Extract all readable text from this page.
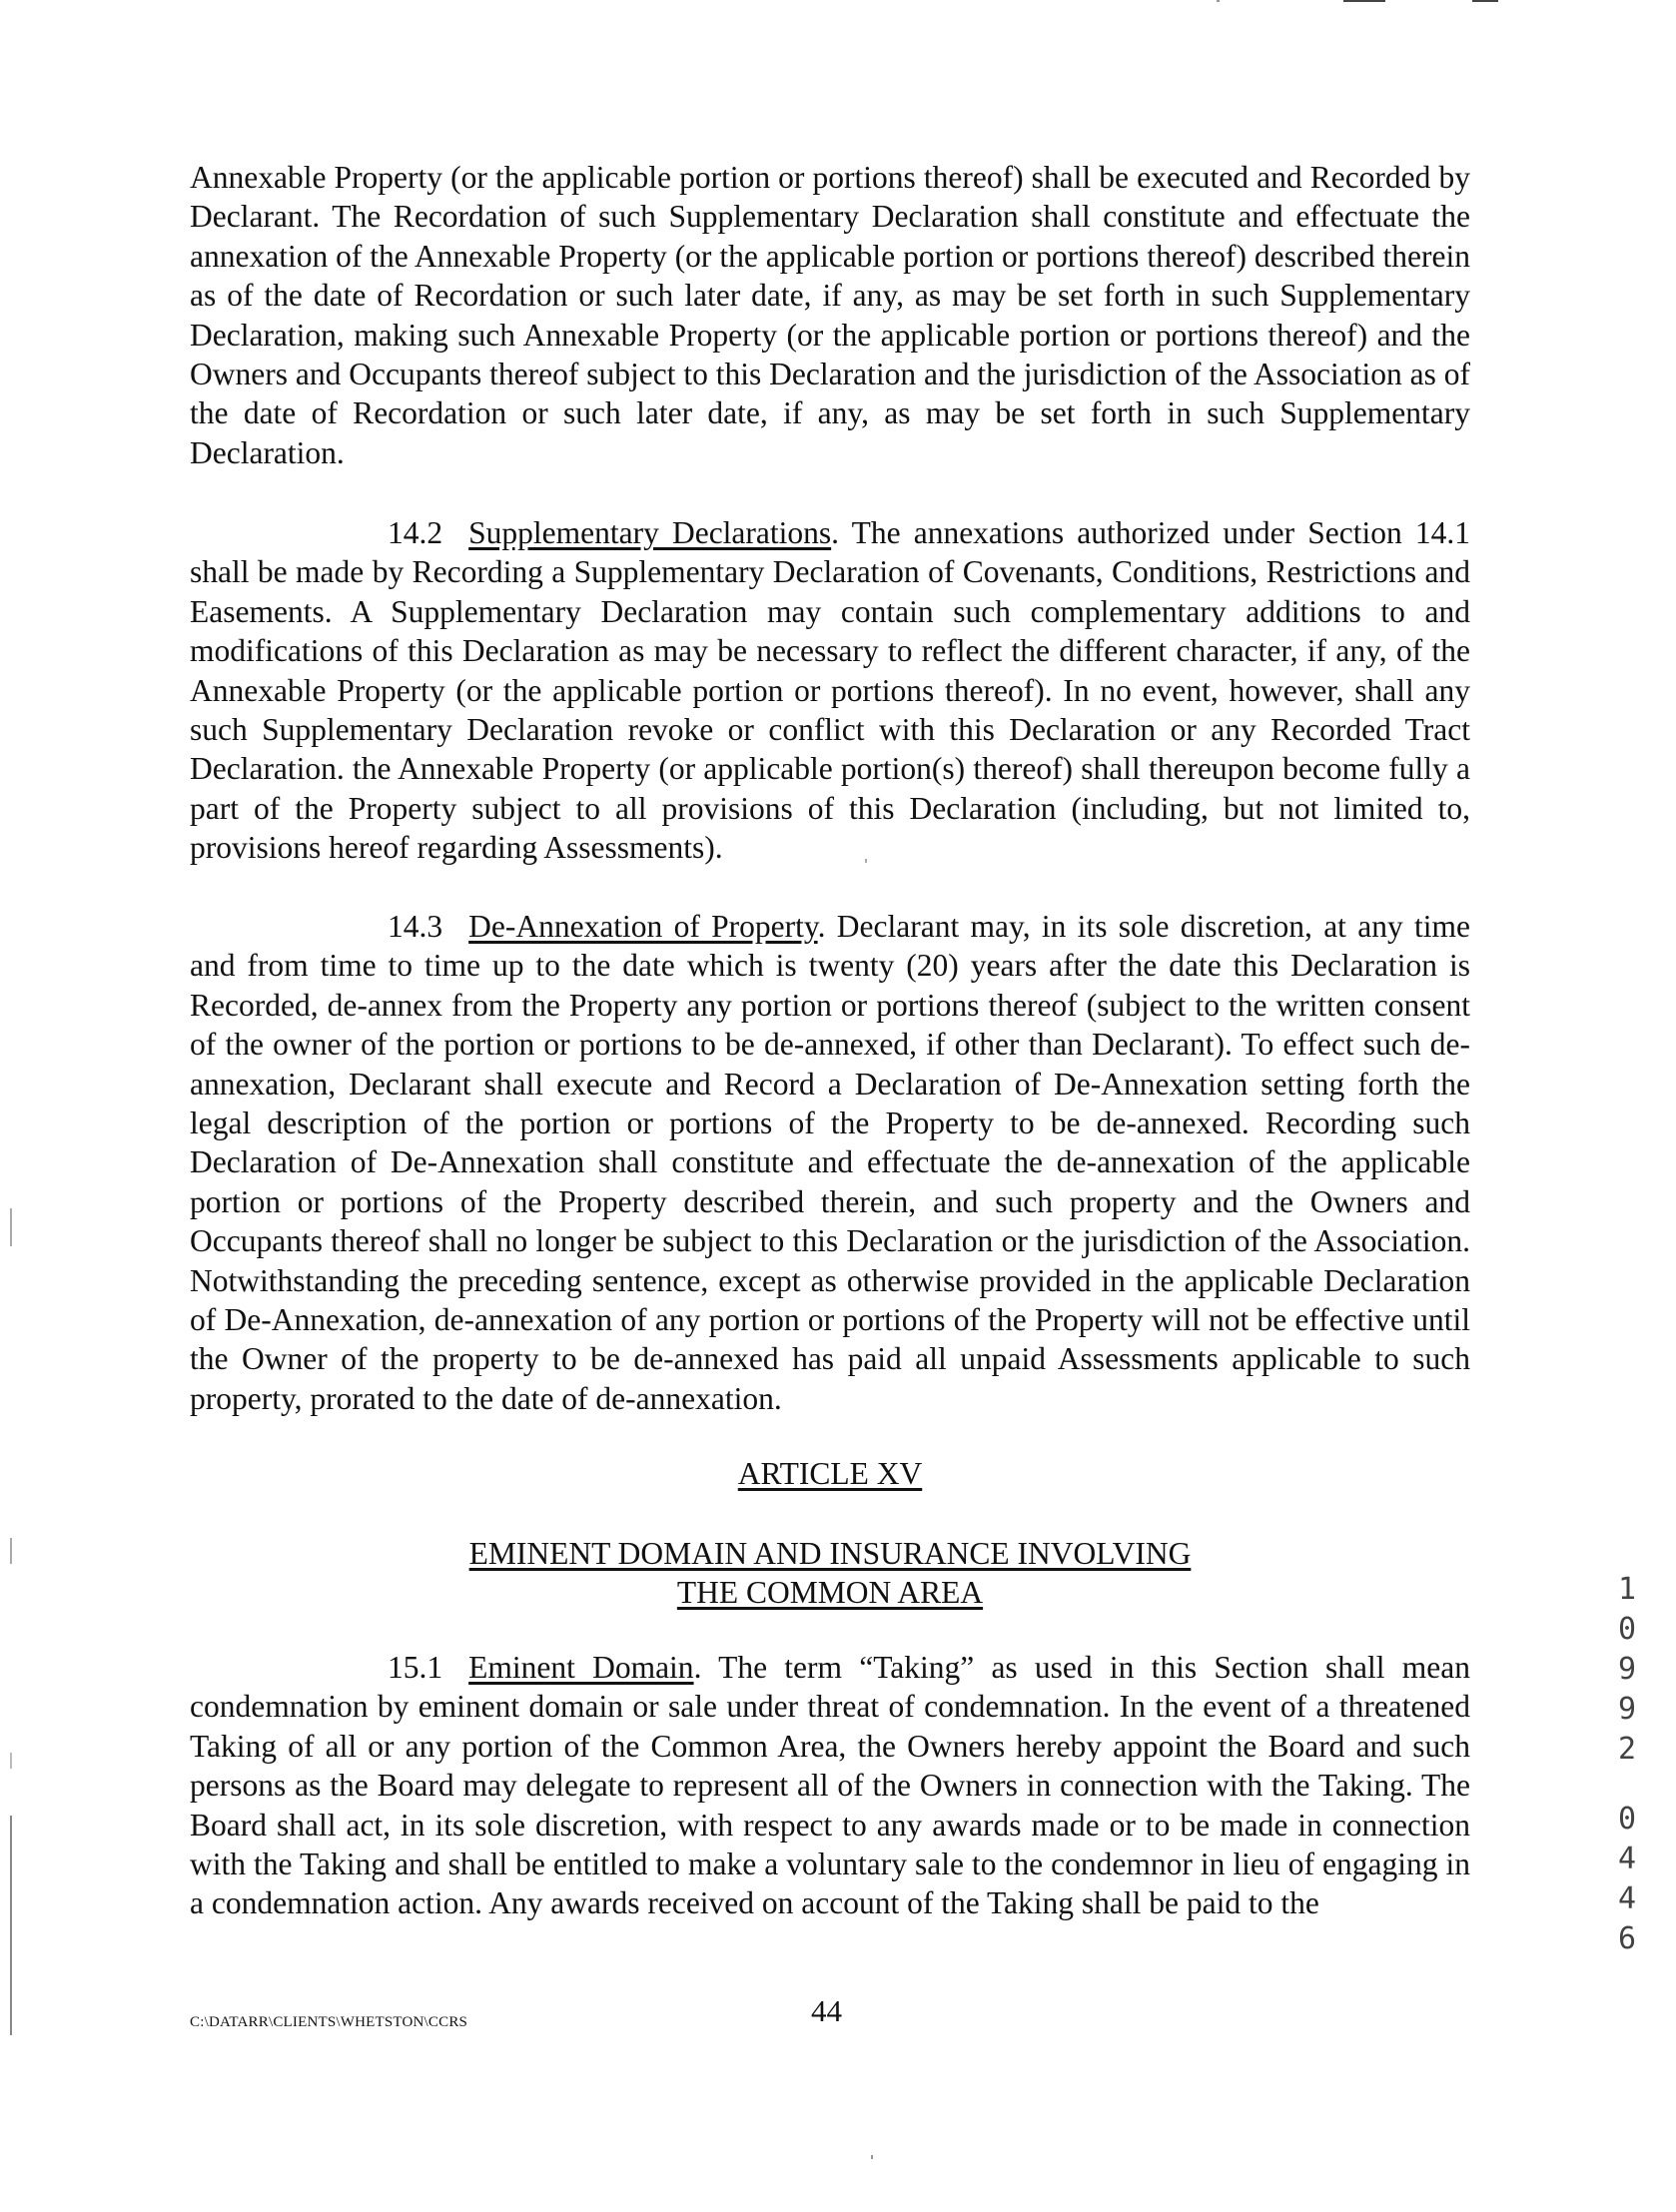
Annexable Property (or the applicable portion or portions thereof) shall be executed and Recorded by Declarant. The Recordation of such Supplementary Declaration shall constitute and effectuate the annexation of the Annexable Property (or the applicable portion or portions thereof) described therein as of the date of Recordation or such later date, if any, as may be set forth in such Supplementary Declaration, making such Annexable Property (or the applicable portion or portions thereof) and the Owners and Occupants thereof subject to this Declaration and the jurisdiction of the Association as of the date of Recordation or such later date, if any, as may be set forth in such Supplementary Declaration.
14.2 Supplementary Declarations. The annexations authorized under Section 14.1 shall be made by Recording a Supplementary Declaration of Covenants, Conditions, Restrictions and Easements. A Supplementary Declaration may contain such complementary additions to and modifications of this Declaration as may be necessary to reflect the different character, if any, of the Annexable Property (or the applicable portion or portions thereof). In no event, however, shall any such Supplementary Declaration revoke or conflict with this Declaration or any Recorded Tract Declaration. the Annexable Property (or applicable portion(s) thereof) shall thereupon become fully a part of the Property subject to all provisions of this Declaration (including, but not limited to, provisions hereof regarding Assessments).
14.3 De-Annexation of Property. Declarant may, in its sole discretion, at any time and from time to time up to the date which is twenty (20) years after the date this Declaration is Recorded, de-annex from the Property any portion or portions thereof (subject to the written consent of the owner of the portion or portions to be de-annexed, if other than Declarant). To effect such de-annexation, Declarant shall execute and Record a Declaration of De-Annexation setting forth the legal description of the portion or portions of the Property to be de-annexed. Recording such Declaration of De-Annexation shall constitute and effectuate the de-annexation of the applicable portion or portions of the Property described therein, and such property and the Owners and Occupants thereof shall no longer be subject to this Declaration or the jurisdiction of the Association. Notwithstanding the preceding sentence, except as otherwise provided in the applicable Declaration of De-Annexation, de-annexation of any portion or portions of the Property will not be effective until the Owner of the property to be de-annexed has paid all unpaid Assessments applicable to such property, prorated to the date of de-annexation.
ARTICLE XV
EMINENT DOMAIN AND INSURANCE INVOLVING
THE COMMON AREA
15.1 Eminent Domain. The term “Taking” as used in this Section shall mean condemnation by eminent domain or sale under threat of condemnation. In the event of a threatened Taking of all or any portion of the Common Area, the Owners hereby appoint the Board and such persons as the Board may delegate to represent all of the Owners in connection with the Taking. The Board shall act, in its sole discretion, with respect to any awards made or to be made in connection with the Taking and shall be entitled to make a voluntary sale to the condemnor in lieu of engaging in a condemnation action. Any awards received on account of the Taking shall be paid to the
1
0
9
9
2
0
4
4
6
C:\DATARR\CLIENTS\WHETSTON\CCRS	44
